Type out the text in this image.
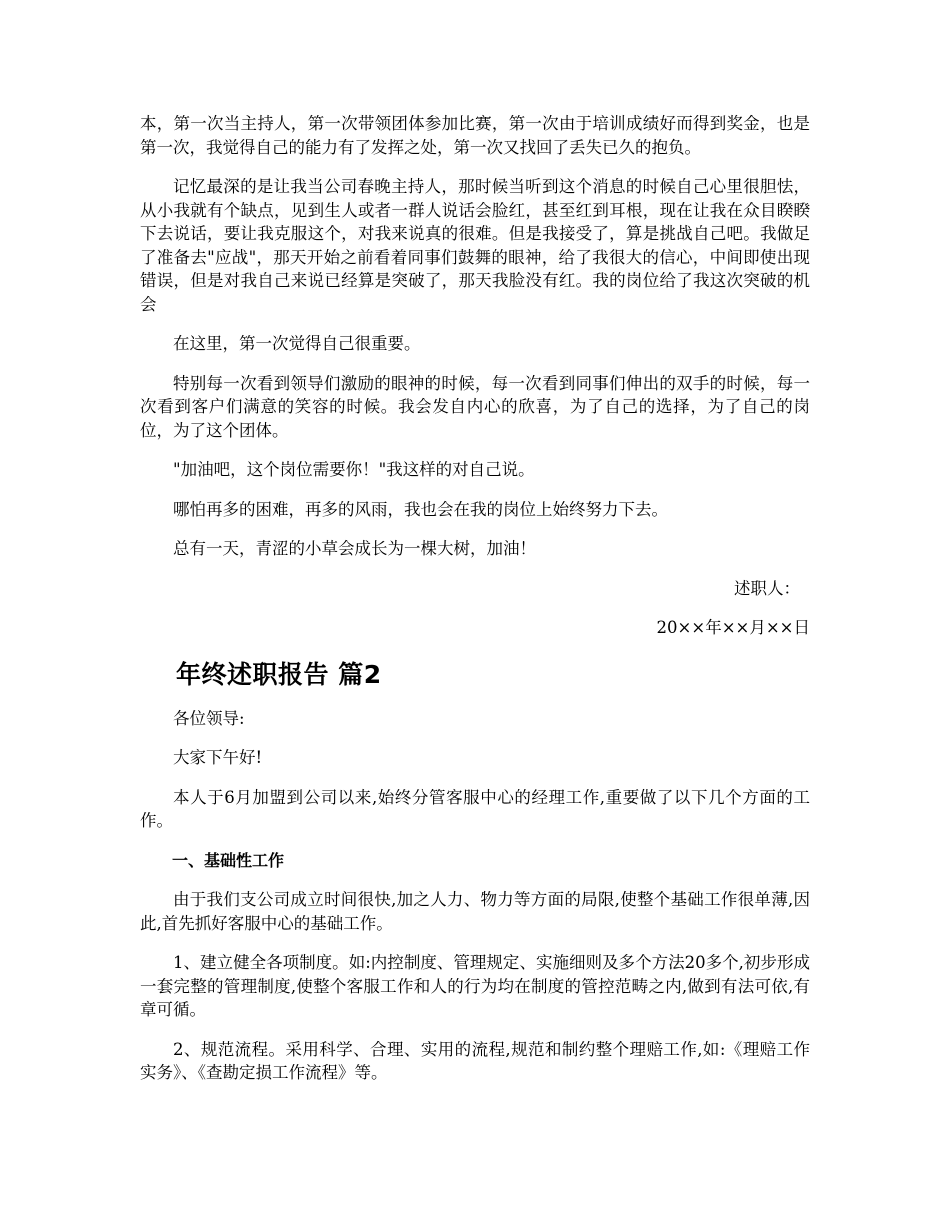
本，第一次当主持人，第一次带领团体参加比赛，第一次由于培训成绩好而得到奖金，也是第一次，我觉得自己的能力有了发挥之处，第一次又找回了丢失已久的抱负。

记忆最深的是让我当公司春晚主持人，那时候当听到这个消息的时候自己心里很胆怯，从小我就有个缺点，见到生人或者一群人说话会脸红，甚至红到耳根，现在让我在众目睽睽下去说话，要让我克服这个，对我来说真的很难。但是我接受了，算是挑战自己吧。我做足了准备去"应战"，那天开始之前看着同事们鼓舞的眼神，给了我很大的信心，中间即使出现错误，但是对我自己来说已经算是突破了，那天我脸没有红。我的岗位给了我这次突破的机会

在这里，第一次觉得自己很重要。

特别每一次看到领导们激励的眼神的时候，每一次看到同事们伸出的双手的时候，每一次看到客户们满意的笑容的时候。我会发自内心的欣喜，为了自己的选择，为了自己的岗位，为了这个团体。

"加油吧，这个岗位需要你！"我这样的对自己说。

哪怕再多的困难，再多的风雨，我也会在我的岗位上始终努力下去。

总有一天，青涩的小草会成长为一棵大树，加油！

述职人：

20××年××月××日

年终述职报告 篇2

各位领导:

大家下午好!

本人于6月加盟到公司以来,始终分管客服中心的经理工作,重要做了以下几个方面的工作。

一、基础性工作

由于我们支公司成立时间很快,加之人力、物力等方面的局限,使整个基础工作很单薄,因此,首先抓好客服中心的基础工作。

1、建立健全各项制度。如:内控制度、管理规定、实施细则及多个方法20多个,初步形成一套完整的管理制度,使整个客服工作和人的行为均在制度的管控范畴之内,做到有法可依,有章可循。

2、规范流程。采用科学、合理、实用的流程,规范和制约整个理赔工作,如:《理赔工作实务》、《查勘定损工作流程》等。
